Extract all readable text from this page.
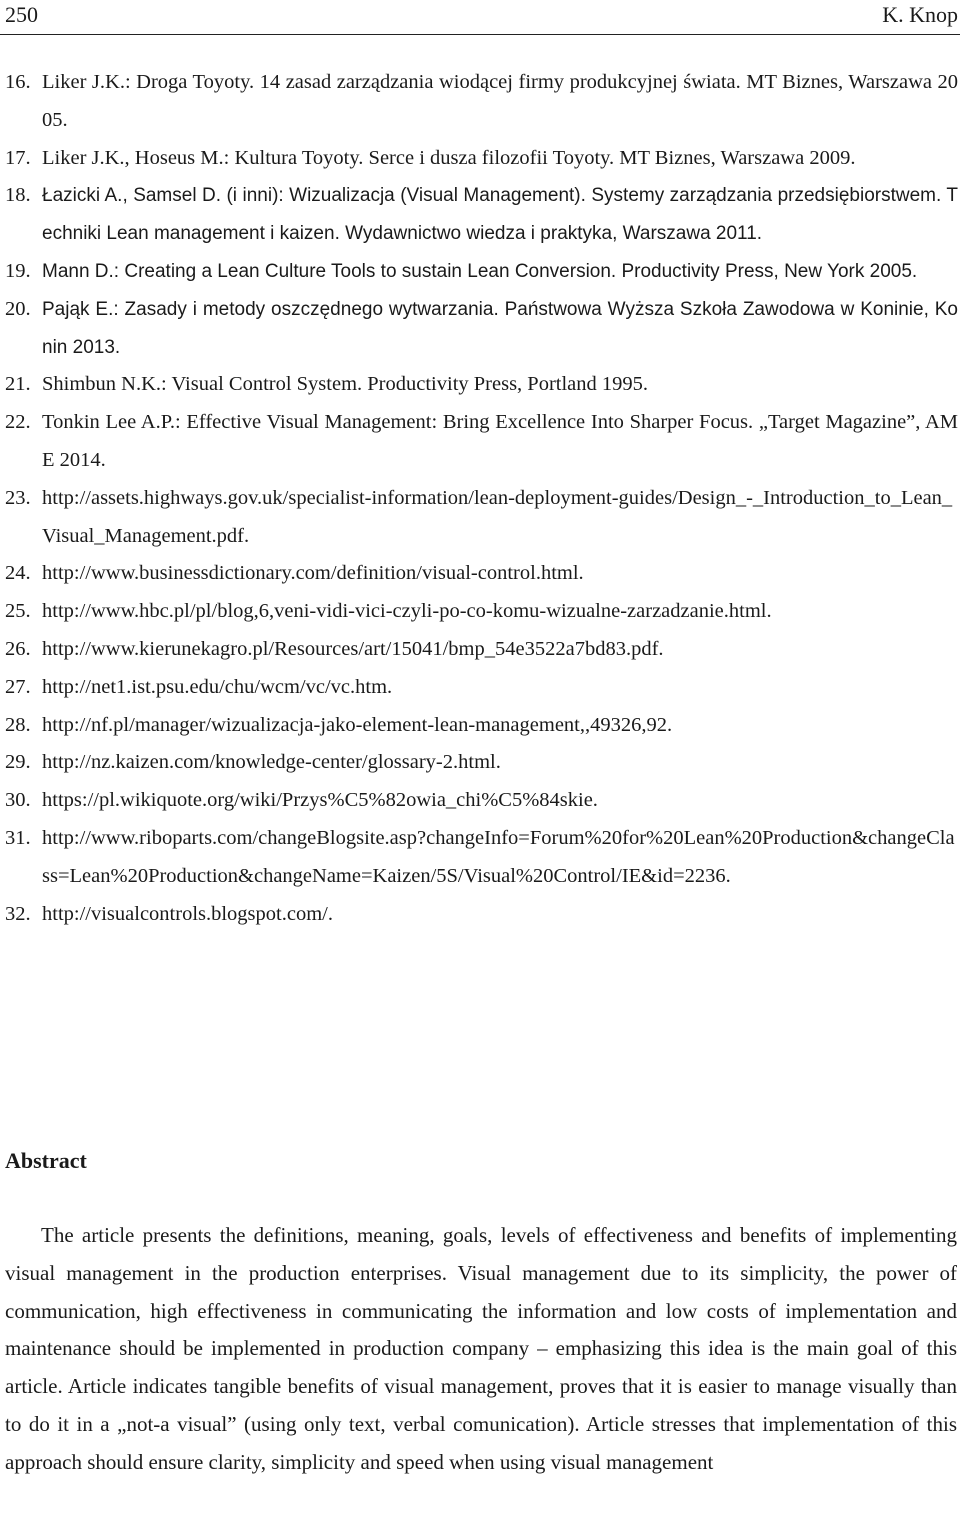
250	K. Knop
16. Liker J.K.: Droga Toyoty. 14 zasad zarządzania wiodącej firmy produkcyjnej świata. MT Biznes, Warszawa 2005.
17. Liker J.K., Hoseus M.: Kultura Toyoty. Serce i dusza filozofii Toyoty. MT Biznes, Warszawa 2009.
18. Łazicki A., Samsel D. (i inni): Wizualizacja (Visual Management). Systemy zarządzania przedsiębiorstwem. Techniki Lean management i kaizen. Wydawnictwo wiedza i praktyka, Warszawa 2011.
19. Mann D.: Creating a Lean Culture Tools to sustain Lean Conversion. Productivity Press, New York 2005.
20. Pająk E.: Zasady i metody oszczędnego wytwarzania. Państwowa Wyższa Szkoła Zawodowa w Koninie, Konin 2013.
21. Shimbun N.K.: Visual Control System. Productivity Press, Portland 1995.
22. Tonkin Lee A.P.: Effective Visual Management: Bring Excellence Into Sharper Focus. „Target Magazine”, AME 2014.
23. http://assets.highways.gov.uk/specialist-information/lean-deployment-guides/Design_-_Introduction_to_Lean_Visual_Management.pdf.
24. http://www.businessdictionary.com/definition/visual-control.html.
25. http://www.hbc.pl/pl/blog,6,veni-vidi-vici-czyli-po-co-komu-wizualne-zarzadzanie.html.
26. http://www.kierunekagro.pl/Resources/art/15041/bmp_54e3522a7bd83.pdf.
27. http://net1.ist.psu.edu/chu/wcm/vc/vc.htm.
28. http://nf.pl/manager/wizualizacja-jako-element-lean-management,,49326,92.
29. http://nz.kaizen.com/knowledge-center/glossary-2.html.
30. https://pl.wikiquote.org/wiki/Przys%C5%82owia_chi%C5%84skie.
31. http://www.riboparts.com/changeBlogsite.asp?changeInfo=Forum%20for%20Lean%20Production&changeClass=Lean%20Production&changeName=Kaizen/5S/Visual%20Control/IE&id=2236.
32. http://visualcontrols.blogspot.com/.
Abstract

The article presents the definitions, meaning, goals, levels of effectiveness and benefits of implementing visual management in the production enterprises. Visual management due to its simplicity, the power of communication, high effectiveness in communicating the information and low costs of implementation and maintenance should be implemented in production company – emphasizing this idea is the main goal of this article. Article indicates tangible benefits of visual management, proves that it is easier to manage visually than to do it in a „not-a visual” (using only text, verbal comunication). Article stresses that implementation of this approach should ensure clarity, simplicity and speed when using visual management
